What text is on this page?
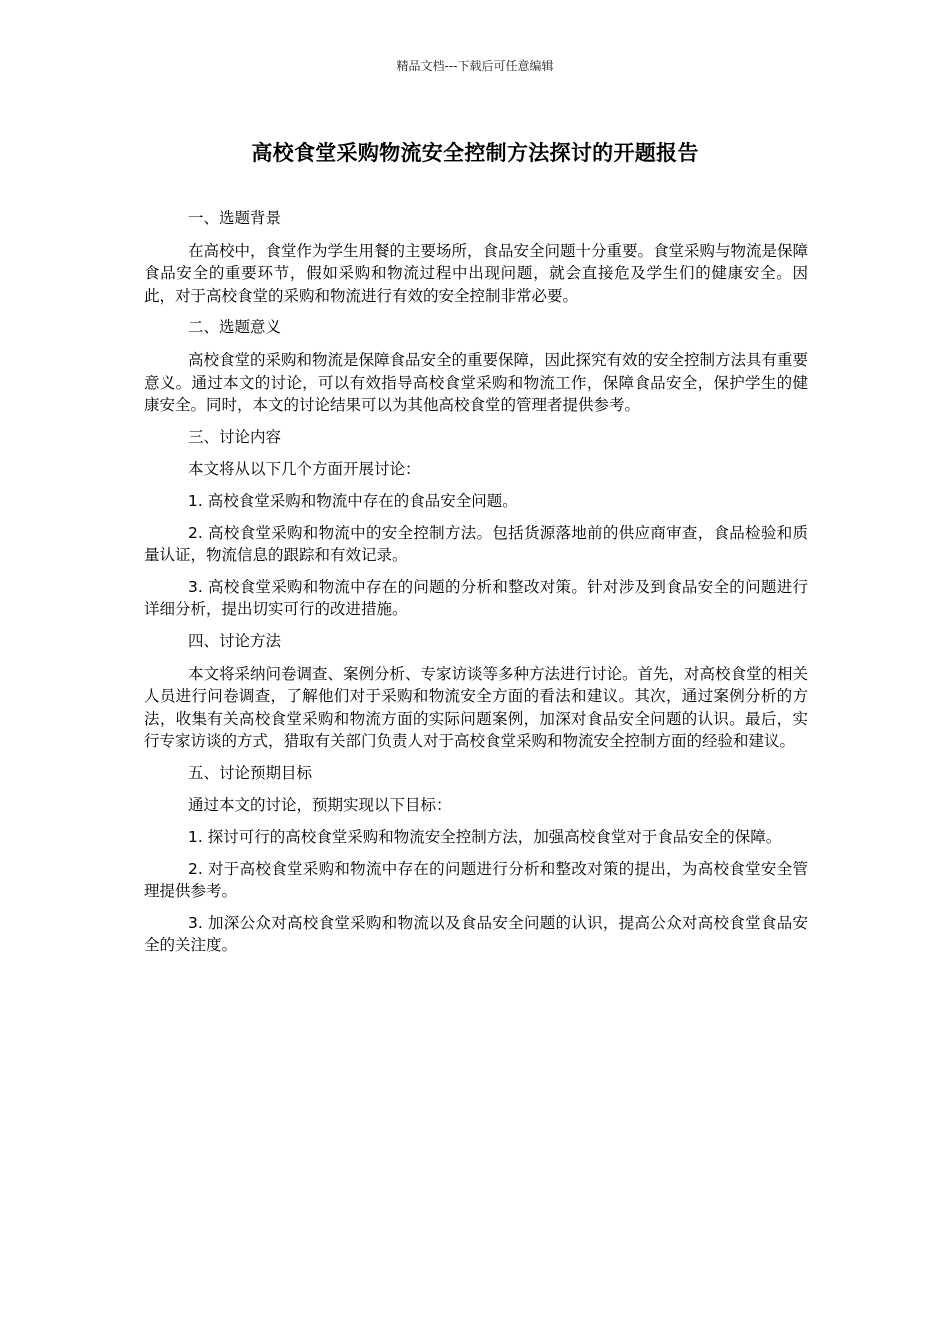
精品文档---下载后可任意编辑
高校食堂采购物流安全控制方法探讨的开题报告

一、选题背景

在高校中，食堂作为学生用餐的主要场所，食品安全问题十分重要。食堂采购与物流是保障食品安全的重要环节，假如采购和物流过程中出现问题，就会直接危及学生们的健康安全。因此，对于高校食堂的采购和物流进行有效的安全控制非常必要。

二、选题意义

高校食堂的采购和物流是保障食品安全的重要保障，因此探究有效的安全控制方法具有重要意义。通过本文的讨论，可以有效指导高校食堂采购和物流工作，保障食品安全，保护学生的健康安全。同时，本文的讨论结果可以为其他高校食堂的管理者提供参考。

三、讨论内容

本文将从以下几个方面开展讨论：

1. 高校食堂采购和物流中存在的食品安全问题。

2. 高校食堂采购和物流中的安全控制方法。包括货源落地前的供应商审查，食品检验和质量认证，物流信息的跟踪和有效记录。

3. 高校食堂采购和物流中存在的问题的分析和整改对策。针对涉及到食品安全的问题进行详细分析，提出切实可行的改进措施。

四、讨论方法

本文将采纳问卷调查、案例分析、专家访谈等多种方法进行讨论。首先，对高校食堂的相关人员进行问卷调查，了解他们对于采购和物流安全方面的看法和建议。其次，通过案例分析的方法，收集有关高校食堂采购和物流方面的实际问题案例，加深对食品安全问题的认识。最后，实行专家访谈的方式，猎取有关部门负责人对于高校食堂采购和物流安全控制方面的经验和建议。

五、讨论预期目标

通过本文的讨论，预期实现以下目标：

1. 探讨可行的高校食堂采购和物流安全控制方法，加强高校食堂对于食品安全的保障。

2. 对于高校食堂采购和物流中存在的问题进行分析和整改对策的提出，为高校食堂安全管理提供参考。

3. 加深公众对高校食堂采购和物流以及食品安全问题的认识，提高公众对高校食堂食品安全的关注度。
